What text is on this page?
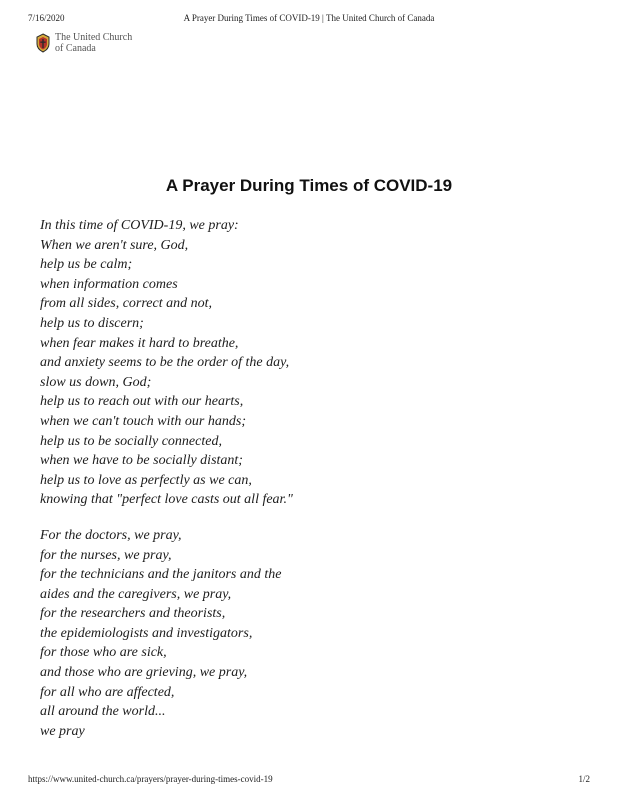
7/16/2020	A Prayer During Times of COVID-19 | The United Church of Canada
The United Church
of Canada
A Prayer During Times of COVID-19

In this time of COVID-19, we pray:
When we aren't sure, God,
help us be calm;
when information comes
from all sides, correct and not,
help us to discern;
when fear makes it hard to breathe,
and anxiety seems to be the order of the day,
slow us down, God;
help us to reach out with our hearts,
when we can't touch with our hands;
help us to be socially connected,
when we have to be socially distant;
help us to love as perfectly as we can,
knowing that "perfect love casts out all fear."

For the doctors, we pray,
for the nurses, we pray,
for the technicians and the janitors and the
aides and the caregivers, we pray,
for the researchers and theorists,
the epidemiologists and investigators,
for those who are sick,
and those who are grieving, we pray,
for all who are affected,
all around the world...
we pray

https://www.united-church.ca/prayers/prayer-during-times-covid-19	1/2
